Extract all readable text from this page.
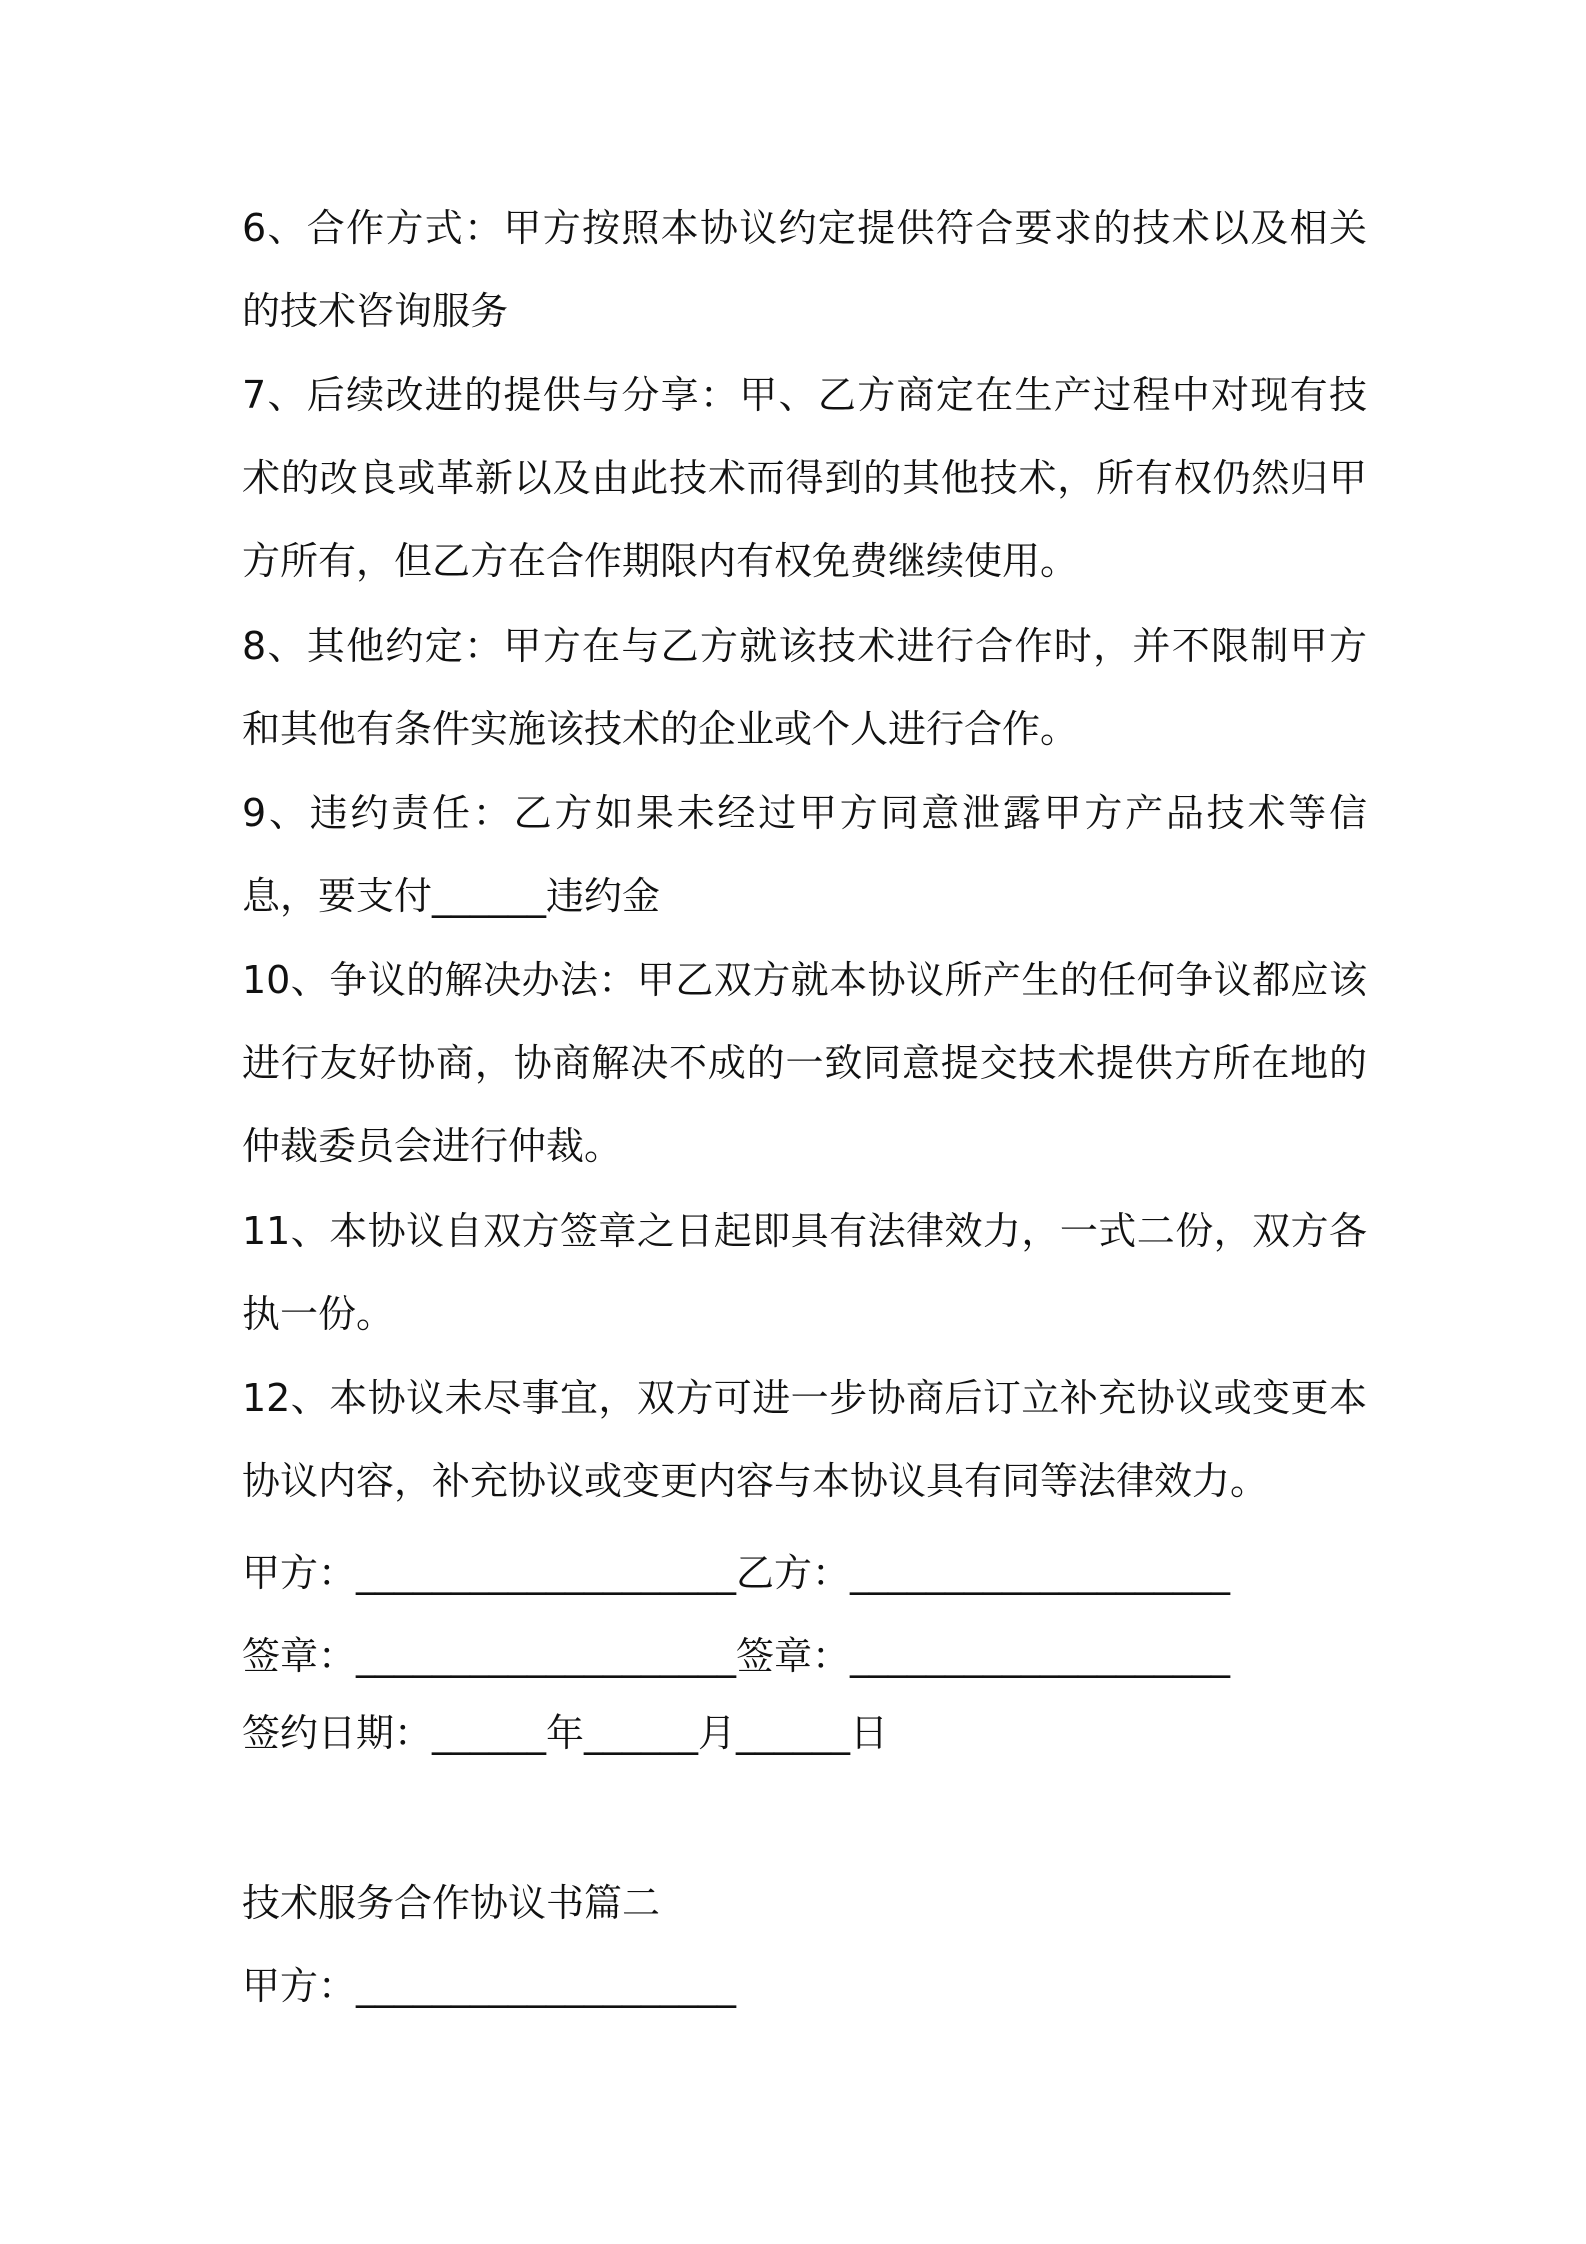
6、合作方式：甲方按照本协议约定提供符合要求的技术以及相关的技术咨询服务

7、后续改进的提供与分享：甲、乙方商定在生产过程中对现有技术的改良或革新以及由此技术而得到的其他技术，所有权仍然归甲方所有，但乙方在合作期限内有权免费继续使用。

8、其他约定：甲方在与乙方就该技术进行合作时，并不限制甲方和其他有条件实施该技术的企业或个人进行合作。

9、违约责任：乙方如果未经过甲方同意泄露甲方产品技术等信息，要支付______违约金

10、争议的解决办法：甲乙双方就本协议所产生的任何争议都应该进行友好协商，协商解决不成的一致同意提交技术提供方所在地的仲裁委员会进行仲裁。

11、本协议自双方签章之日起即具有法律效力，一式二份，双方各执一份。

12、本协议未尽事宜，双方可进一步协商后订立补充协议或变更本协议内容，补充协议或变更内容与本协议具有同等法律效力。

甲方：____________________乙方：____________________

签章：____________________签章：____________________

签约日期：______年______月______日

技术服务合作协议书篇二

甲方：____________________
